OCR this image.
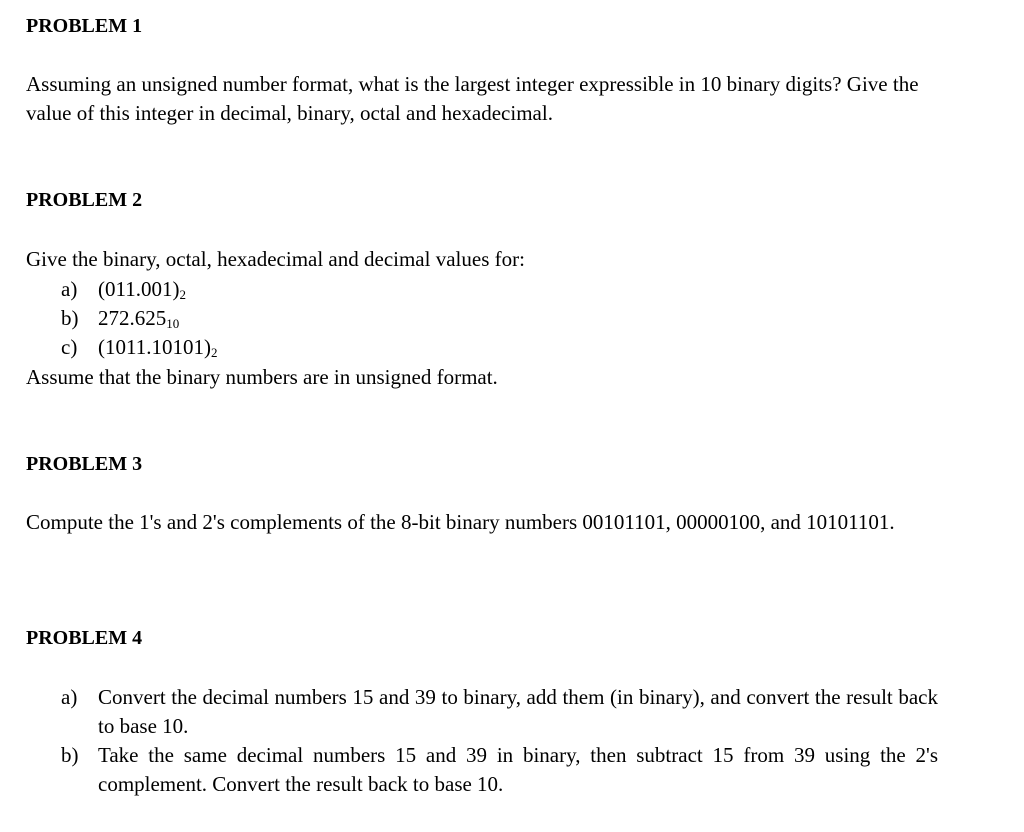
PROBLEM 1
Assuming an unsigned number format, what is the largest integer expressible in 10 binary digits? Give the value of this integer in decimal, binary, octal and hexadecimal.
PROBLEM 2
Give the binary, octal, hexadecimal and decimal values for:
a) $(011.001)_2$
b) $272.625_{10}$
c) $(1011.10101)_2$
Assume that the binary numbers are in unsigned format.
PROBLEM 3
Compute the 1's and 2's complements of the 8-bit binary numbers 00101101, 00000100, and 10101101.
PROBLEM 4
a) Convert the decimal numbers 15 and 39 to binary, add them (in binary), and convert the result back to base 10.
b) Take the same decimal numbers 15 and 39 in binary, then subtract 15 from 39 using the 2's complement. Convert the result back to base 10.
